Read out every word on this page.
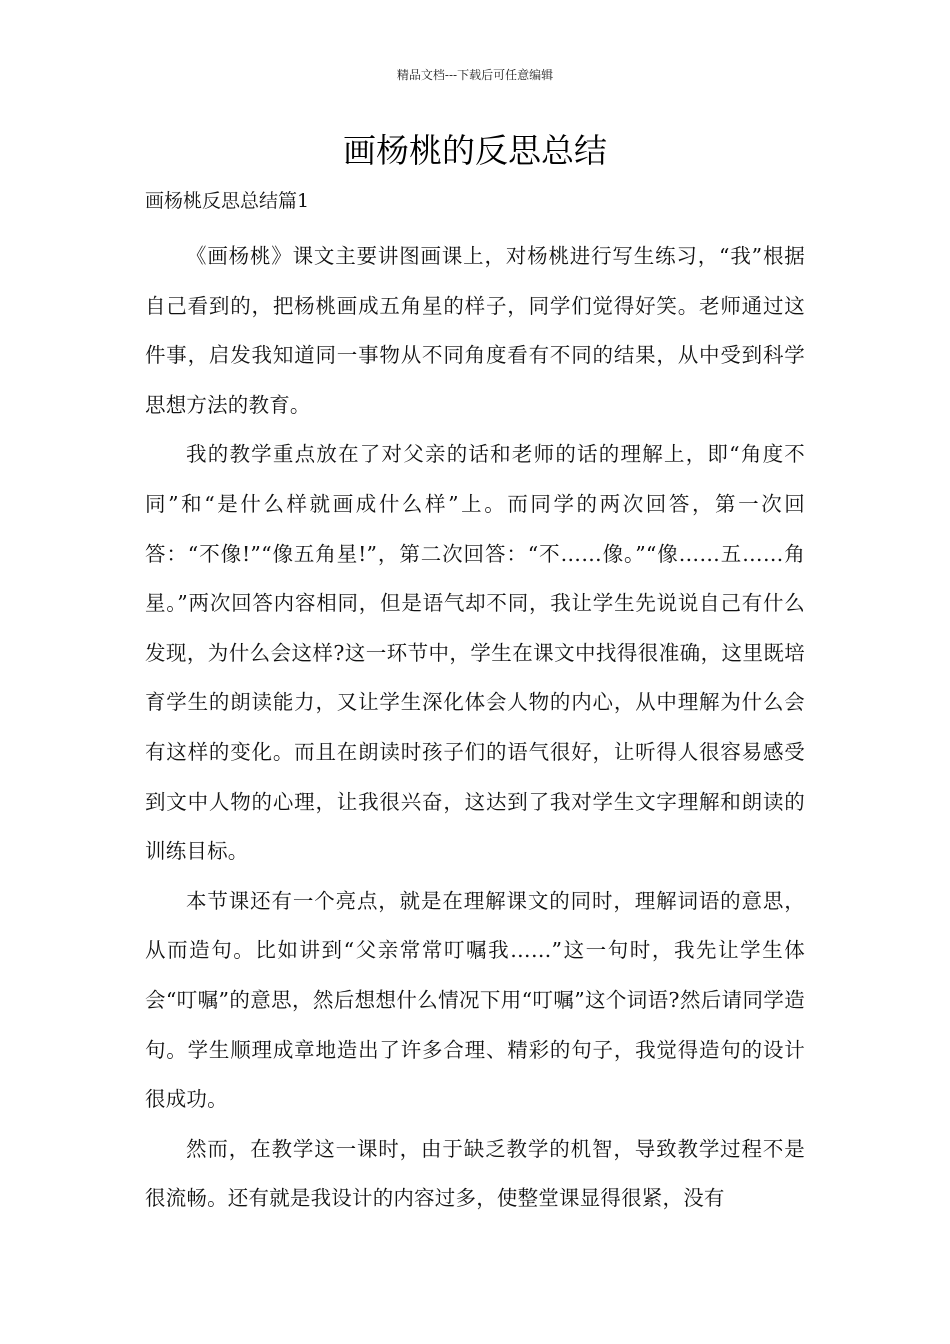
精品文档---下载后可任意编辑
画杨桃的反思总结
画杨桃反思总结篇1

《画杨桃》课文主要讲图画课上，对杨桃进行写生练习，“我”根据自己看到的，把杨桃画成五角星的样子，同学们觉得好笑。老师通过这件事，启发我知道同一事物从不同角度看有不同的结果，从中受到科学思想方法的教育。

我的教学重点放在了对父亲的话和老师的话的理解上，即“角度不同”和“是什么样就画成什么样”上。而同学的两次回答，第一次回答：“不像!”“像五角星!”，第二次回答：“不……像。”“像……五……角星。”两次回答内容相同，但是语气却不同，我让学生先说说自己有什么发现，为什么会这样?这一环节中，学生在课文中找得很准确，这里既培育学生的朗读能力，又让学生深化体会人物的内心，从中理解为什么会有这样的变化。而且在朗读时孩子们的语气很好，让听得人很容易感受到文中人物的心理，让我很兴奋，这达到了我对学生文字理解和朗读的训练目标。

本节课还有一个亮点，就是在理解课文的同时，理解词语的意思，从而造句。比如讲到“父亲常常叮嘱我……”这一句时，我先让学生体会“叮嘱”的意思，然后想想什么情况下用“叮嘱”这个词语?然后请同学造句。学生顺理成章地造出了许多合理、精彩的句子，我觉得造句的设计很成功。

然而，在教学这一课时，由于缺乏教学的机智，导致教学过程不是很流畅。还有就是我设计的内容过多，使整堂课显得很紧，没有
